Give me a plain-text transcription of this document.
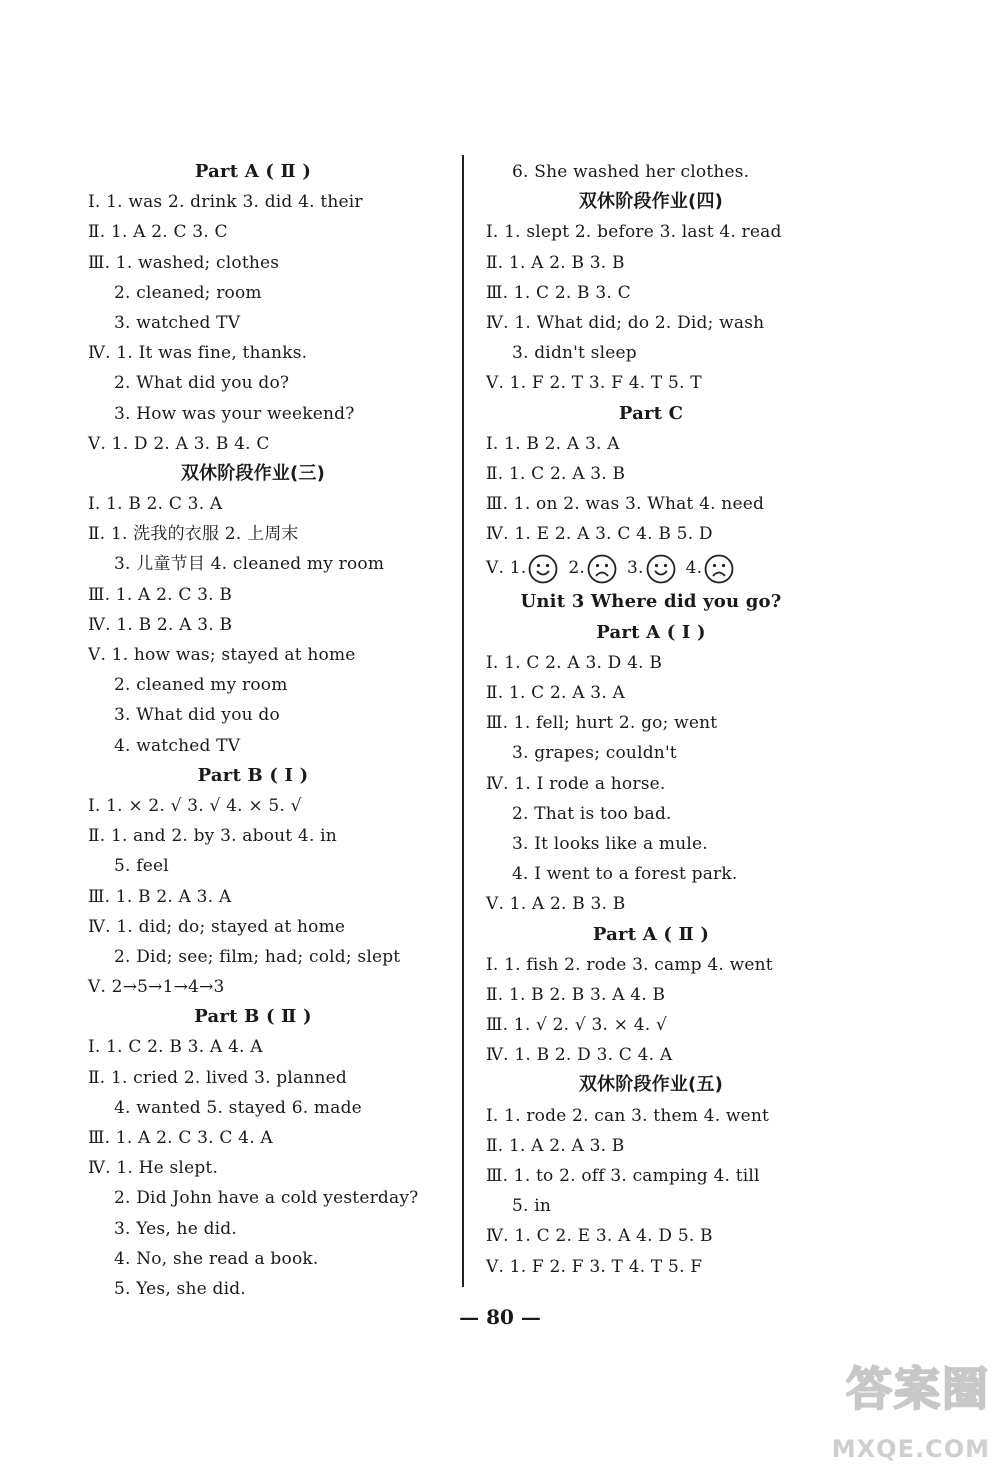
Part A ( Ⅱ )
Ⅰ. 1. was 2. drink 3. did 4. their
Ⅱ. 1. A 2. C 3. C
Ⅲ. 1. washed; clothes
2. cleaned; room
3. watched TV
Ⅳ. 1. It was fine, thanks.
2. What did you do?
3. How was your weekend?
Ⅴ. 1. D 2. A 3. B 4. C
双休阶段作业(三)
Ⅰ. 1. B 2. C 3. A
Ⅱ. 1. 洗我的衣服 2. 上周末
3. 儿童节目 4. cleaned my room
Ⅲ. 1. A 2. C 3. B
Ⅳ. 1. B 2. A 3. B
Ⅴ. 1. how was; stayed at home
2. cleaned my room
3. What did you do
4. watched TV
Part B ( Ⅰ )
Ⅰ. 1. × 2. √ 3. √ 4. × 5. √
Ⅱ. 1. and 2. by 3. about 4. in
5. feel
Ⅲ. 1. B 2. A 3. A
Ⅳ. 1. did; do; stayed at home
2. Did; see; film; had; cold; slept
Ⅴ. 2→5→1→4→3
Part B ( Ⅱ )
Ⅰ. 1. C 2. B 3. A 4. A
Ⅱ. 1. cried 2. lived 3. planned
4. wanted 5. stayed 6. made
Ⅲ. 1. A 2. C 3. C 4. A
Ⅳ. 1. He slept.
2. Did John have a cold yesterday?
3. Yes, he did.
4. No, she read a book.
5. Yes, she did.
6. She washed her clothes.
双休阶段作业(四)
Ⅰ. 1. slept 2. before 3. last 4. read
Ⅱ. 1. A 2. B 3. B
Ⅲ. 1. C 2. B 3. C
Ⅳ. 1. What did; do 2. Did; wash
3. didn't sleep
Ⅴ. 1. F 2. T 3. F 4. T 5. T
Part C
Ⅰ. 1. B 2. A 3. A
Ⅱ. 1. C 2. A 3. B
Ⅲ. 1. on 2. was 3. What 4. need
Ⅳ. 1. E 2. A 3. C 4. B 5. D
Ⅴ. 1. 2. 3. 4.
Unit 3 Where did you go?
Part A ( Ⅰ )
Ⅰ. 1. C 2. A 3. D 4. B
Ⅱ. 1. C 2. A 3. A
Ⅲ. 1. fell; hurt 2. go; went
3. grapes; couldn't
Ⅳ. 1. I rode a horse.
2. That is too bad.
3. It looks like a mule.
4. I went to a forest park.
Ⅴ. 1. A 2. B 3. B
Part A ( Ⅱ )
Ⅰ. 1. fish 2. rode 3. camp 4. went
Ⅱ. 1. B 2. B 3. A 4. B
Ⅲ. 1. √ 2. √ 3. × 4. √
Ⅳ. 1. B 2. D 3. C 4. A
双休阶段作业(五)
Ⅰ. 1. rode 2. can 3. them 4. went
Ⅱ. 1. A 2. A 3. B
Ⅲ. 1. to 2. off 3. camping 4. till
5. in
Ⅳ. 1. C 2. E 3. A 4. D 5. B
Ⅴ. 1. F 2. F 3. T 4. T 5. F
— 80 —
答案圈
MXQE.COM
